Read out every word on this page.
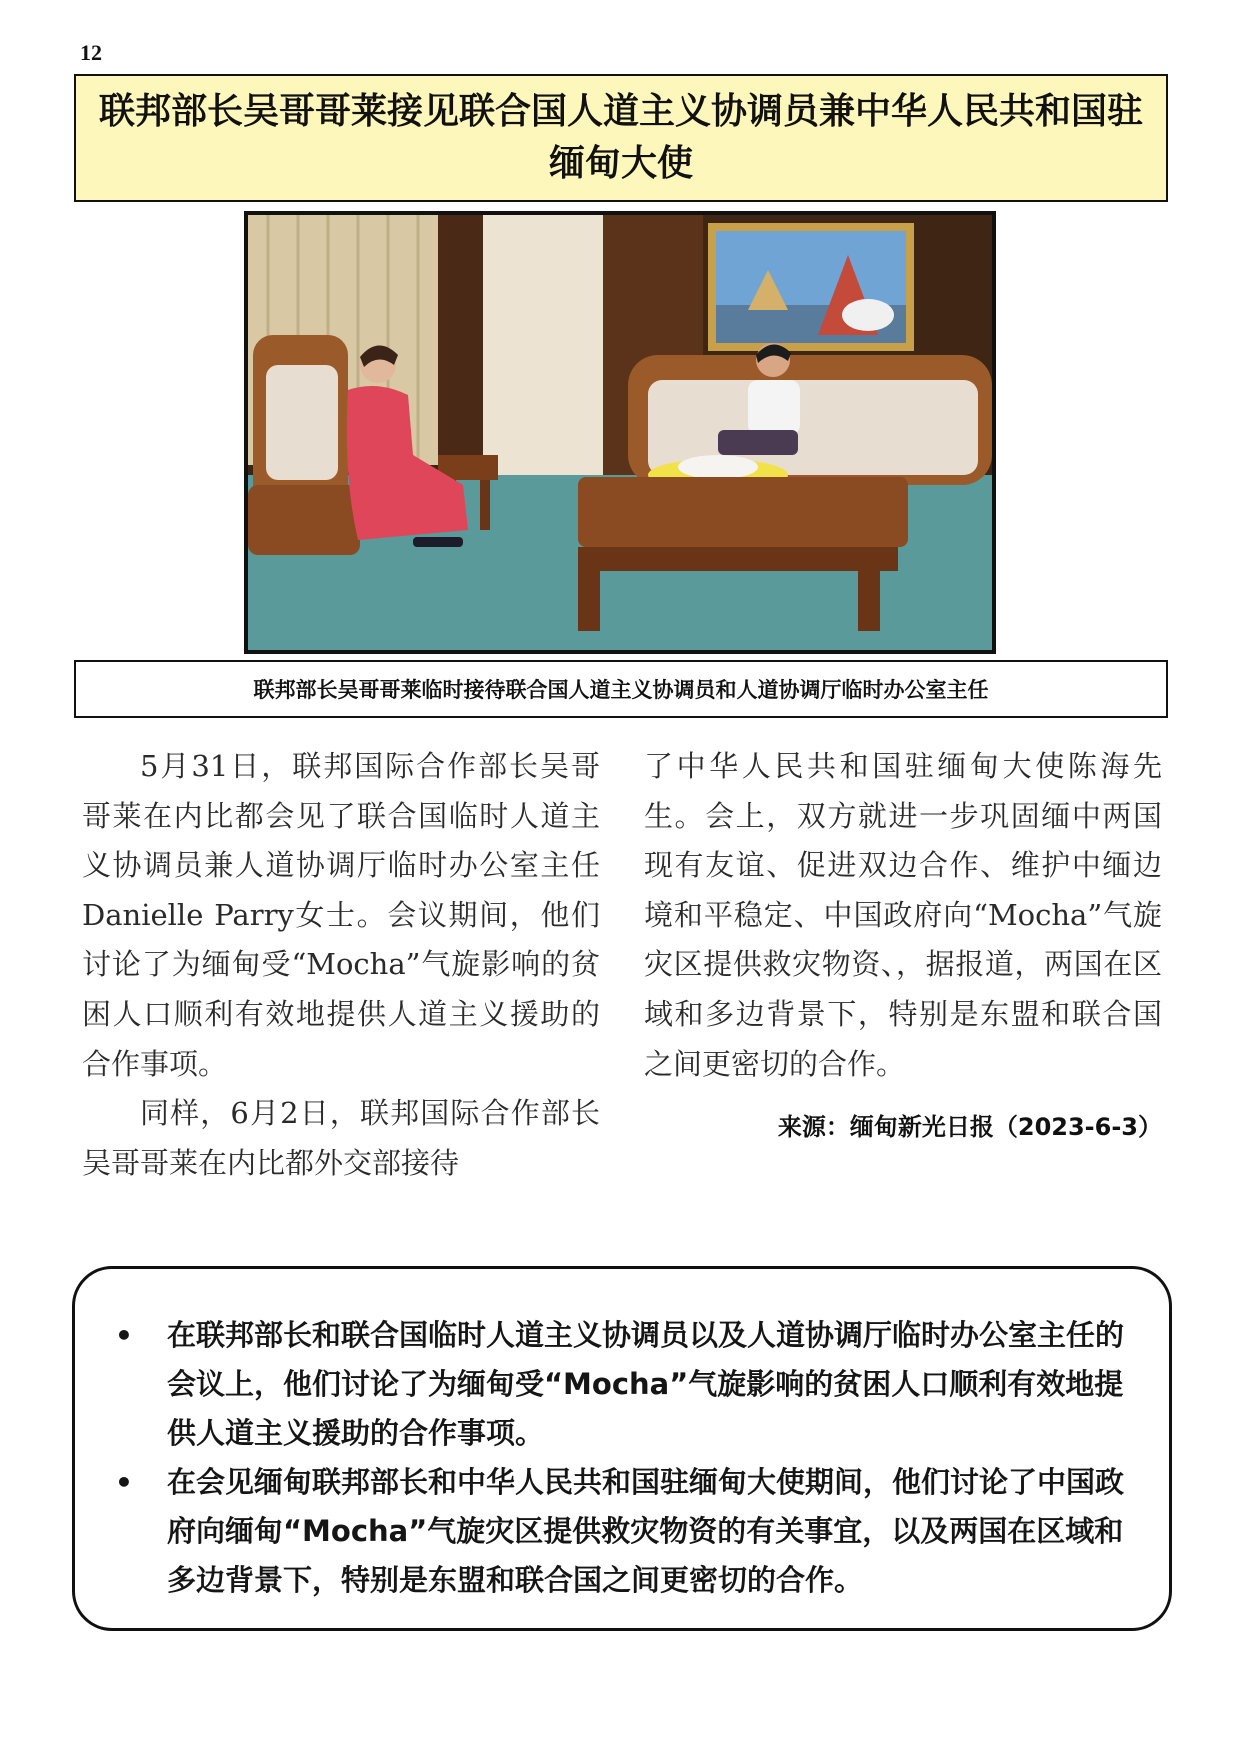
12
联邦部长吴哥哥莱接见联合国人道主义协调员兼中华人民共和国驻缅甸大使
联邦部长吴哥哥莱临时接待联合国人道主义协调员和人道协调厅临时办公室主任

5月31日，联邦国际合作部长吴哥哥莱在内比都会见了联合国临时人道主义协调员兼人道协调厅临时办公室主任Danielle Parry女士。会议期间，他们讨论了为缅甸受“Mocha”气旋影响的贫困人口顺利有效地提供人道主义援助的合作事项。

同样，6月2日，联邦国际合作部长吴哥哥莱在内比都外交部接待

了中华人民共和国驻缅甸大使陈海先生。会上，双方就进一步巩固缅中两国现有友谊、促进双边合作、维护中缅边境和平稳定、中国政府向“Mocha”气旋灾区提供救灾物资、，据报道，两国在区域和多边背景下，特别是东盟和联合国之间更密切的合作。

来源：缅甸新光日报（2023-6-3）
• 在联邦部长和联合国临时人道主义协调员以及人道协调厅临时办公室主任的会议上，他们讨论了为缅甸受“Mocha”气旋影响的贫困人口顺利有效地提供人道主义援助的合作事项。
• 在会见缅甸联邦部长和中华人民共和国驻缅甸大使期间，他们讨论了中国政府向缅甸“Mocha”气旋灾区提供救灾物资的有关事宜，以及两国在区域和多边背景下，特别是东盟和联合国之间更密切的合作。
